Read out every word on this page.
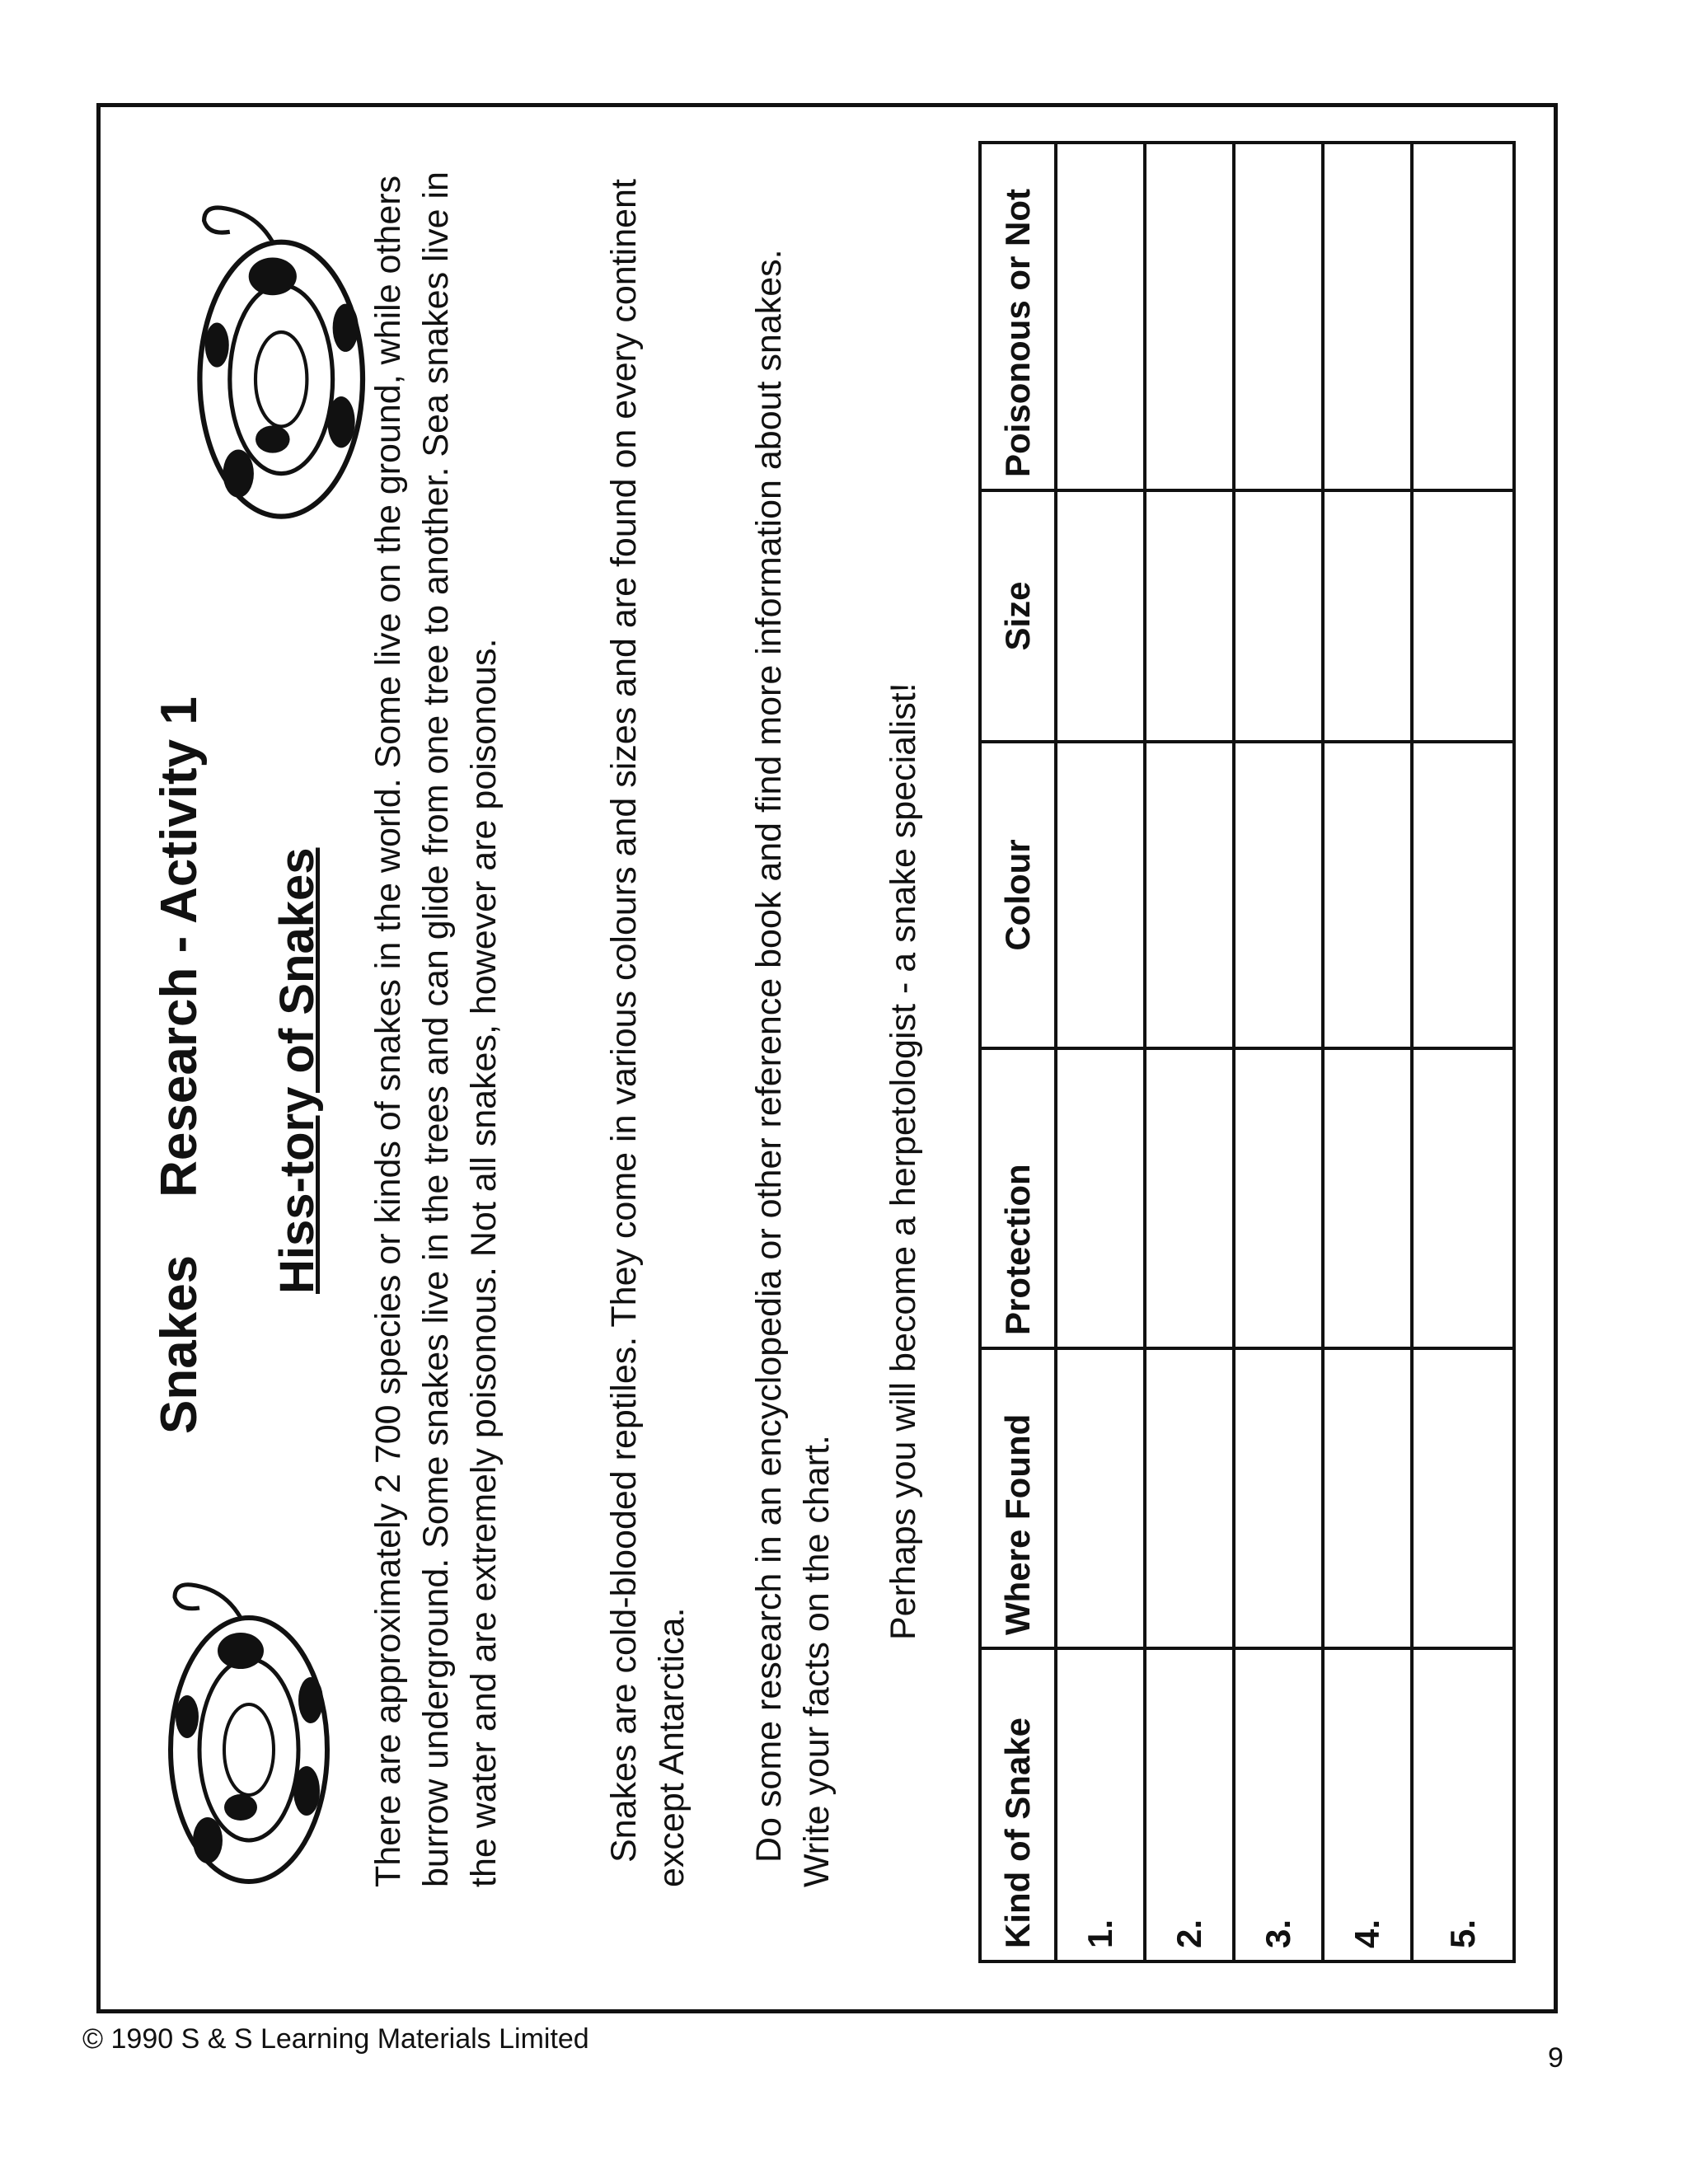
SnakesResearch - Activity 1 Hiss-tory of Snakes There are approximately 2 700 species or kinds of snakes in the world. Some live on the ground, while others burrow underground. Some snakes live in the trees and can glide from one tree to another. Sea snakes live in the water and are extremely poisonous. Not all snakes, however are poisonous.	Snakes are cold-blooded reptiles. They come in various colours and sizes and are found on every continent except Antarctica. Do some research in an encyclopedia or other reference book and find more information about snakes. Write your facts on the chart.
Perhaps you will become a herpetologist - a snake specialist!
Kind of Snake	Where Found	Protection	Colour	Size	Poisonous or Not
1.					
2.					
3.					
4.					
5.					
© 1990 S & S Learning Materials Limited
9
